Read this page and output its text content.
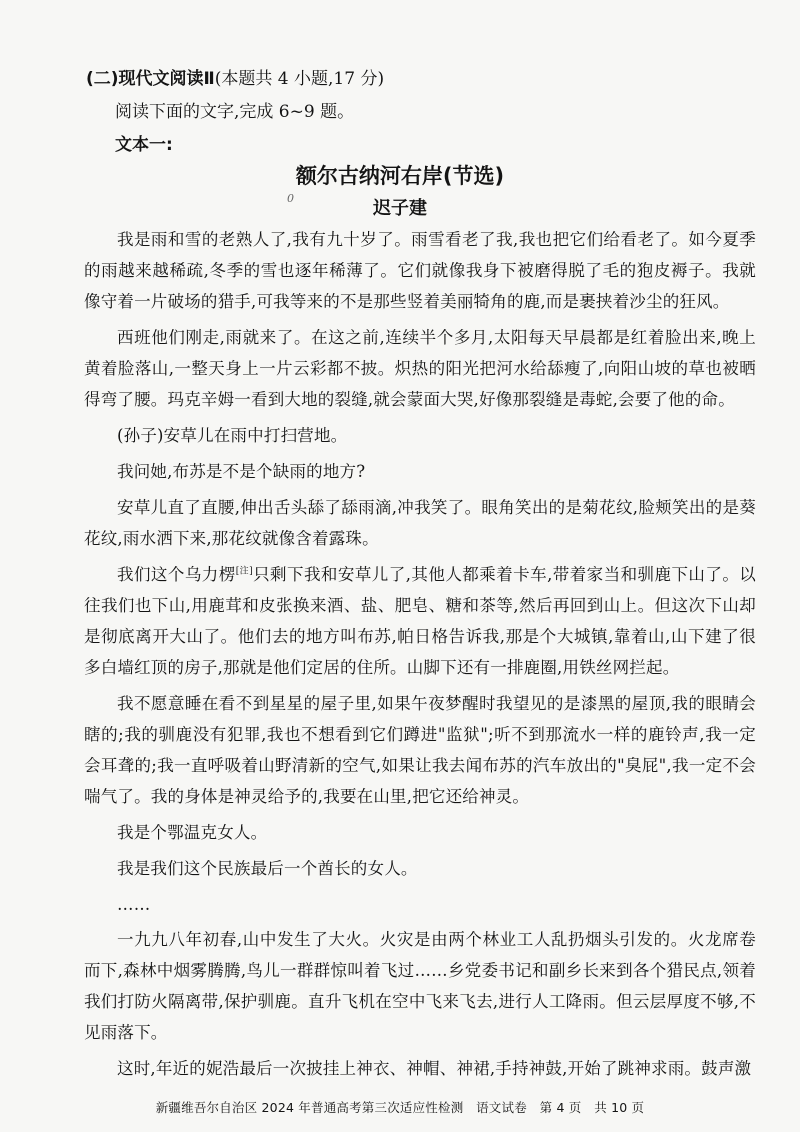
(二)现代文阅读Ⅱ(本题共 4 小题,17 分)
阅读下面的文字,完成 6~9 题。
文本一:
额尔古纳河右岸(节选)
0	迟子建

我是雨和雪的老熟人了,我有九十岁了。雨雪看老了我,我也把它们给看老了。如今夏季的雨越来越稀疏,冬季的雪也逐年稀薄了。它们就像我身下被磨得脱了毛的狍皮褥子。我就像守着一片破场的猎手,可我等来的不是那些竖着美丽犄角的鹿,而是裹挟着沙尘的狂风。

西班他们刚走,雨就来了。在这之前,连续半个多月,太阳每天早晨都是红着脸出来,晚上黄着脸落山,一整天身上一片云彩都不披。炽热的阳光把河水给舔瘦了,向阳山坡的草也被晒得弯了腰。玛克辛姆一看到大地的裂缝,就会蒙面大哭,好像那裂缝是毒蛇,会要了他的命。

(孙子)安草儿在雨中打扫营地。

我问她,布苏是不是个缺雨的地方?

安草儿直了直腰,伸出舌头舔了舔雨滴,冲我笑了。眼角笑出的是菊花纹,脸颊笑出的是葵花纹,雨水洒下来,那花纹就像含着露珠。

我们这个乌力楞[注]只剩下我和安草儿了,其他人都乘着卡车,带着家当和驯鹿下山了。以往我们也下山,用鹿茸和皮张换来酒、盐、肥皂、糖和茶等,然后再回到山上。但这次下山却是彻底离开大山了。他们去的地方叫布苏,帕日格告诉我,那是个大城镇,靠着山,山下建了很多白墙红顶的房子,那就是他们定居的住所。山脚下还有一排鹿圈,用铁丝网拦起。

我不愿意睡在看不到星星的屋子里,如果午夜梦醒时我望见的是漆黑的屋顶,我的眼睛会瞎的;我的驯鹿没有犯罪,我也不想看到它们蹲进"监狱";听不到那流水一样的鹿铃声,我一定会耳聋的;我一直呼吸着山野清新的空气,如果让我去闻布苏的汽车放出的"臭屁",我一定不会喘气了。我的身体是神灵给予的,我要在山里,把它还给神灵。

我是个鄂温克女人。

我是我们这个民族最后一个酋长的女人。

……

一九九八年初春,山中发生了大火。火灾是由两个林业工人乱扔烟头引发的。火龙席卷而下,森林中烟雾腾腾,鸟儿一群群惊叫着飞过……乡党委书记和副乡长来到各个猎民点,领着我们打防火隔离带,保护驯鹿。直升飞机在空中飞来飞去,进行人工降雨。但云层厚度不够,不见雨落下。

这时,年近的妮浩最后一次披挂上神衣、神帽、神裙,手持神鼓,开始了跳神求雨。鼓声激

新疆维吾尔自治区 2024 年普通高考第三次适应性检测　语文试卷　第 4 页　共 10 页
